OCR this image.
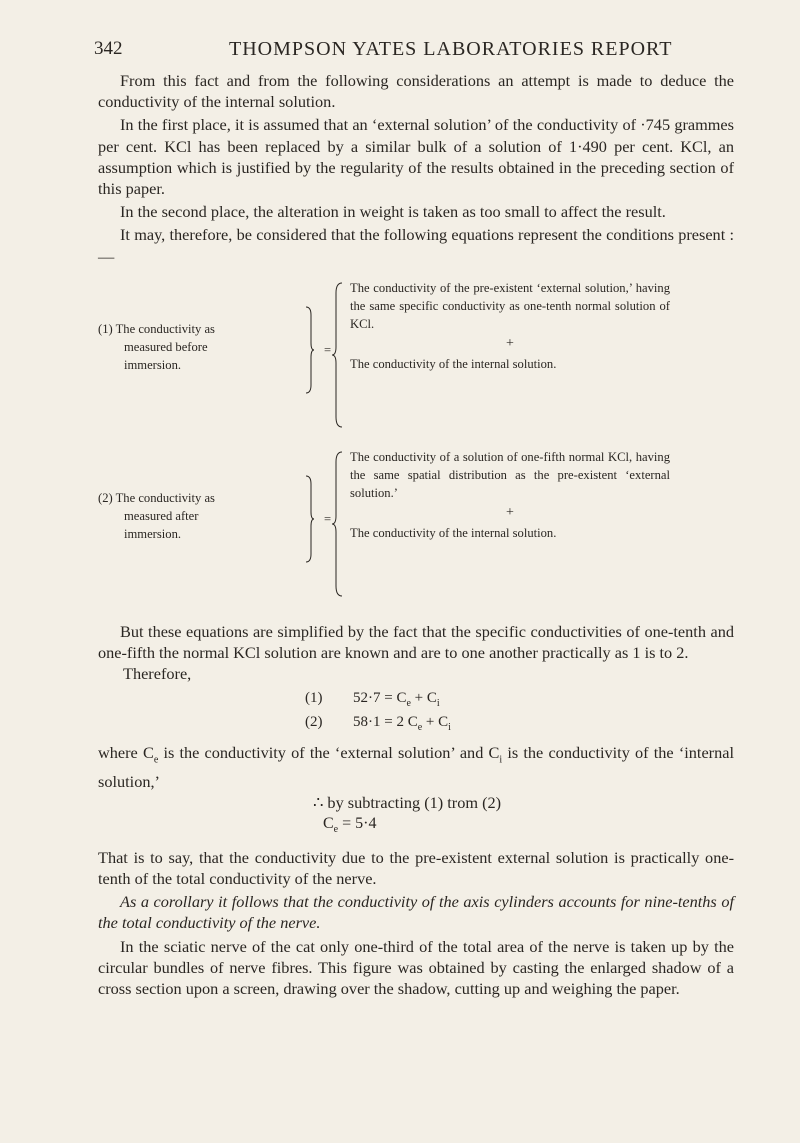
342	THOMPSON YATES LABORATORIES REPORT

From this fact and from the following considerations an attempt is made to deduce the conductivity of the internal solution.

In the first place, it is assumed that an ‘external solution’ of the conductivity of ·745 grammes per cent. KCl has been replaced by a similar bulk of a solution of 1·490 per cent. KCl, an assumption which is justified by the regularity of the results obtained in the preceding section of this paper.

In the second place, the alteration in weight is taken as too small to affect the result.

It may, therefore, be considered that the following equations represent the conditions present :—

(1) The conductivity as
measured before
immersion.
=
The conductivity of the pre-existent ‘external solution,’ having the same specific conductivity as one-tenth normal solution of KCl.
+
The conductivity of the internal solution.
(2) The conductivity as
measured after
immersion.
=
The conductivity of a solution of one-fifth normal KCl, having the same spatial distribution as the pre-existent ‘external solution.’
+
The conductivity of the internal solution.

But these equations are simplified by the fact that the specific conductivities of one-tenth and one-fifth the normal KCl solution are known and are to one another practically as 1 is to 2.

Therefore,

(1) $52\cdot 7 = C_e + C_i$
(2) 58·1 = 2 $C_e + C_i$

where $C_e$ is the conductivity of the ‘external solution’ and $C_i$ is the conductivity of the ‘internal solution,’

∴ by subtracting (1) trom (2)

$C_e = 5\cdot 4$

That is to say, that the conductivity due to the pre-existent external solution is practically one-tenth of the total conductivity of the nerve.

As a corollary it follows that the conductivity of the axis cylinders accounts for nine-tenths of the total conductivity of the nerve.

In the sciatic nerve of the cat only one-third of the total area of the nerve is taken up by the circular bundles of nerve fibres. This figure was obtained by casting the enlarged shadow of a cross section upon a screen, drawing over the shadow, cutting up and weighing the paper.
